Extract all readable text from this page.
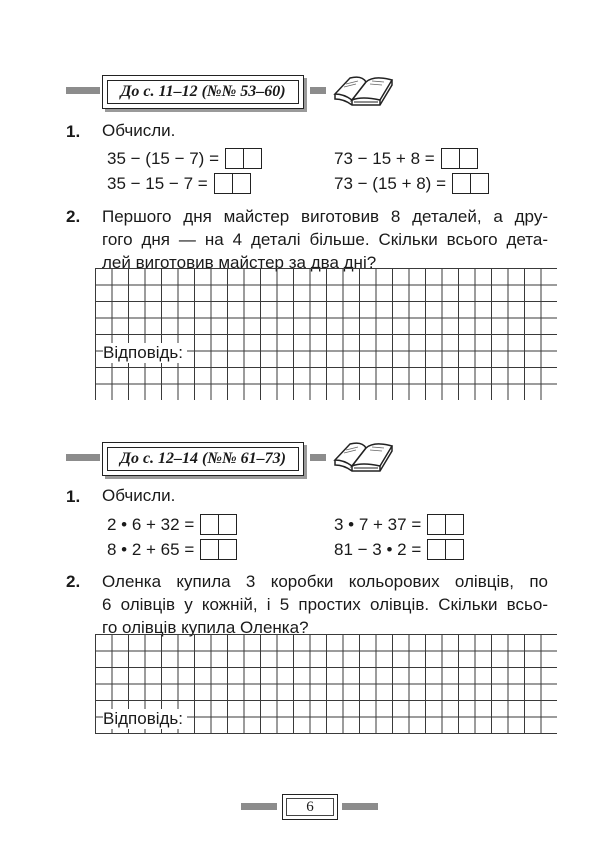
До с. 11–12 (№№ 53–60)
1. Обчисли.
35 − (15 − 7) =	73 − 15 + 8 =
35 − 15 − 7 =	73 − (15 + 8) =
2. Першого дня майстер виготовив 8 деталей, а дру-
гого дня — на 4 деталі більше. Скільки всього дета-
лей виготовив майстер за два дні?
Відповідь:
До с. 12–14 (№№ 61–73)
1. Обчисли.
2 • 6 + 32 =	3 • 7 + 37 =
8 • 2 + 65 =	81 − 3 • 2 =
2. Оленка купила 3 коробки кольорових олівців, по
6 олівців у кожній, і 5 простих олівців. Скільки всьо-
го олівців купила Оленка?
Відповідь:
6
